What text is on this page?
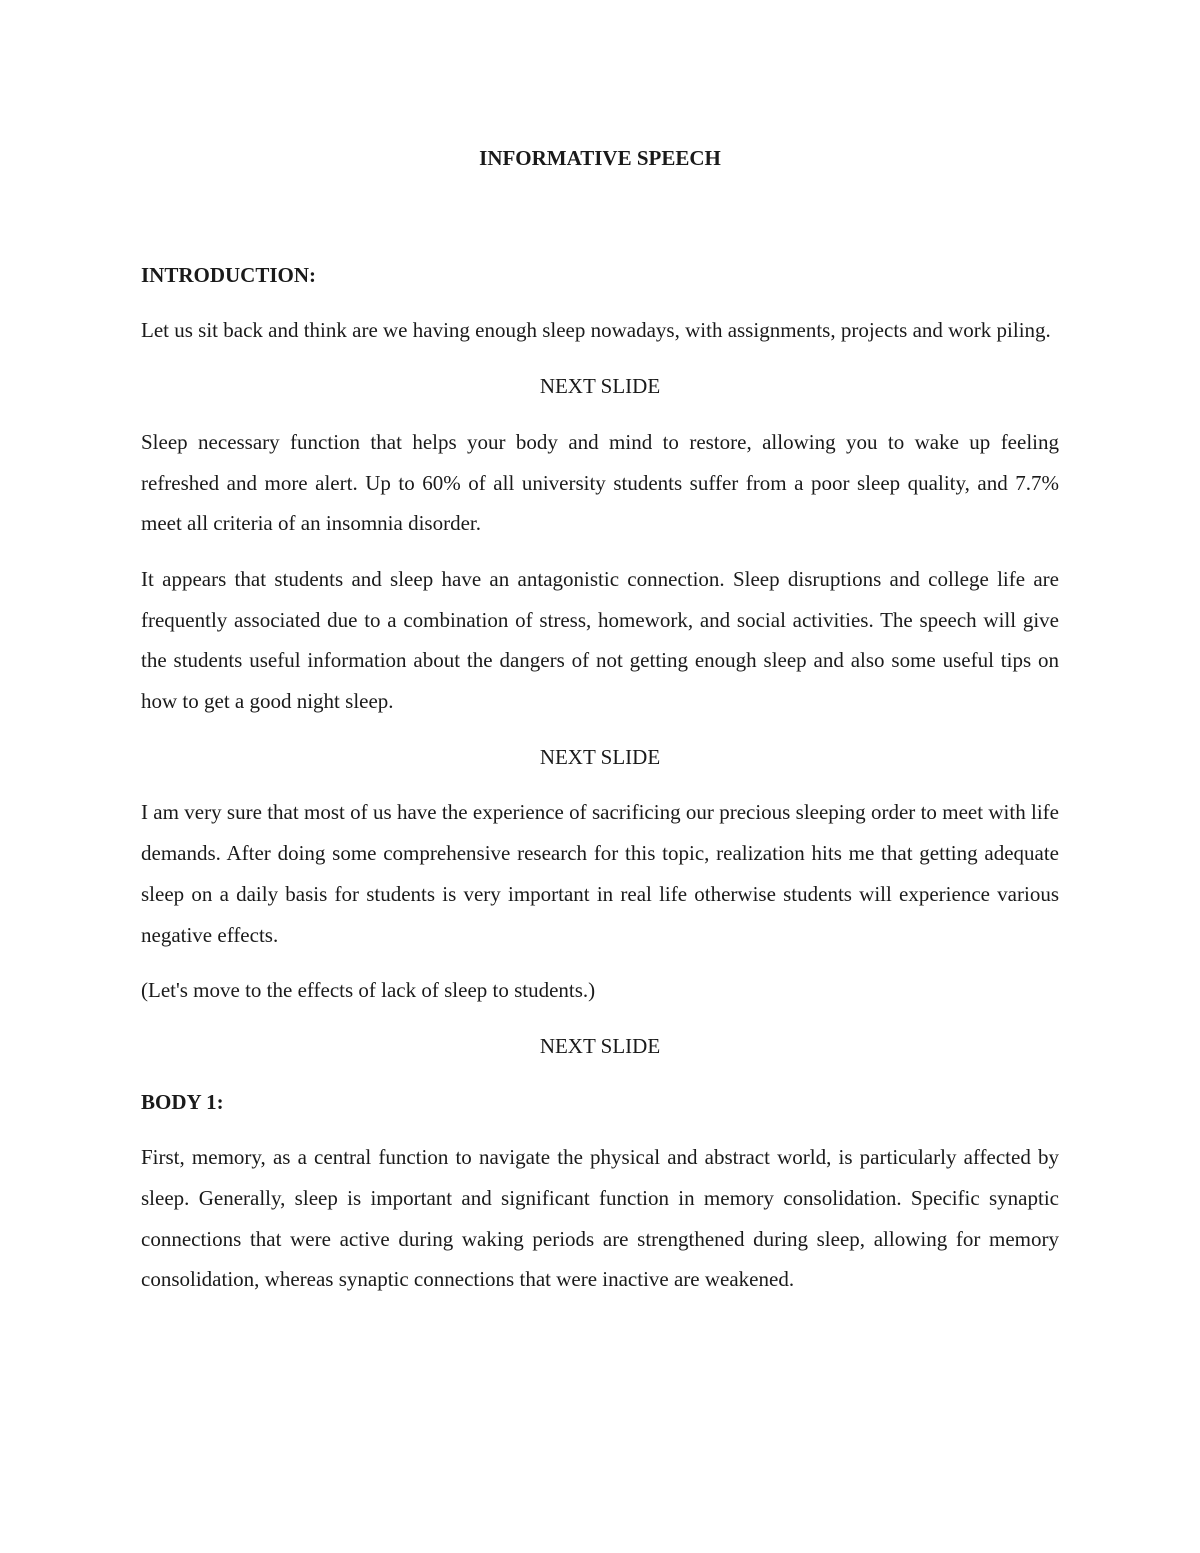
INFORMATIVE SPEECH

INTRODUCTION:

Let us sit back and think are we having enough sleep nowadays, with assignments, projects and work piling.

NEXT SLIDE

Sleep necessary function that helps your body and mind to restore, allowing you to wake up feeling refreshed and more alert. Up to 60% of all university students suffer from a poor sleep quality, and 7.7% meet all criteria of an insomnia disorder.

It appears that students and sleep have an antagonistic connection. Sleep disruptions and college life are frequently associated due to a combination of stress, homework, and social activities. The speech will give the students useful information about the dangers of not getting enough sleep and also some useful tips on how to get a good night sleep.

NEXT SLIDE

I am very sure that most of us have the experience of sacrificing our precious sleeping order to meet with life demands. After doing some comprehensive research for this topic, realization hits me that getting adequate sleep on a daily basis for students is very important in real life otherwise students will experience various negative effects.

(Let's move to the effects of lack of sleep to students.)

NEXT SLIDE

BODY 1:

First, memory, as a central function to navigate the physical and abstract world, is particularly affected by sleep. Generally, sleep is important and significant function in memory consolidation. Specific synaptic connections that were active during waking periods are strengthened during sleep, allowing for memory consolidation, whereas synaptic connections that were inactive are weakened.
